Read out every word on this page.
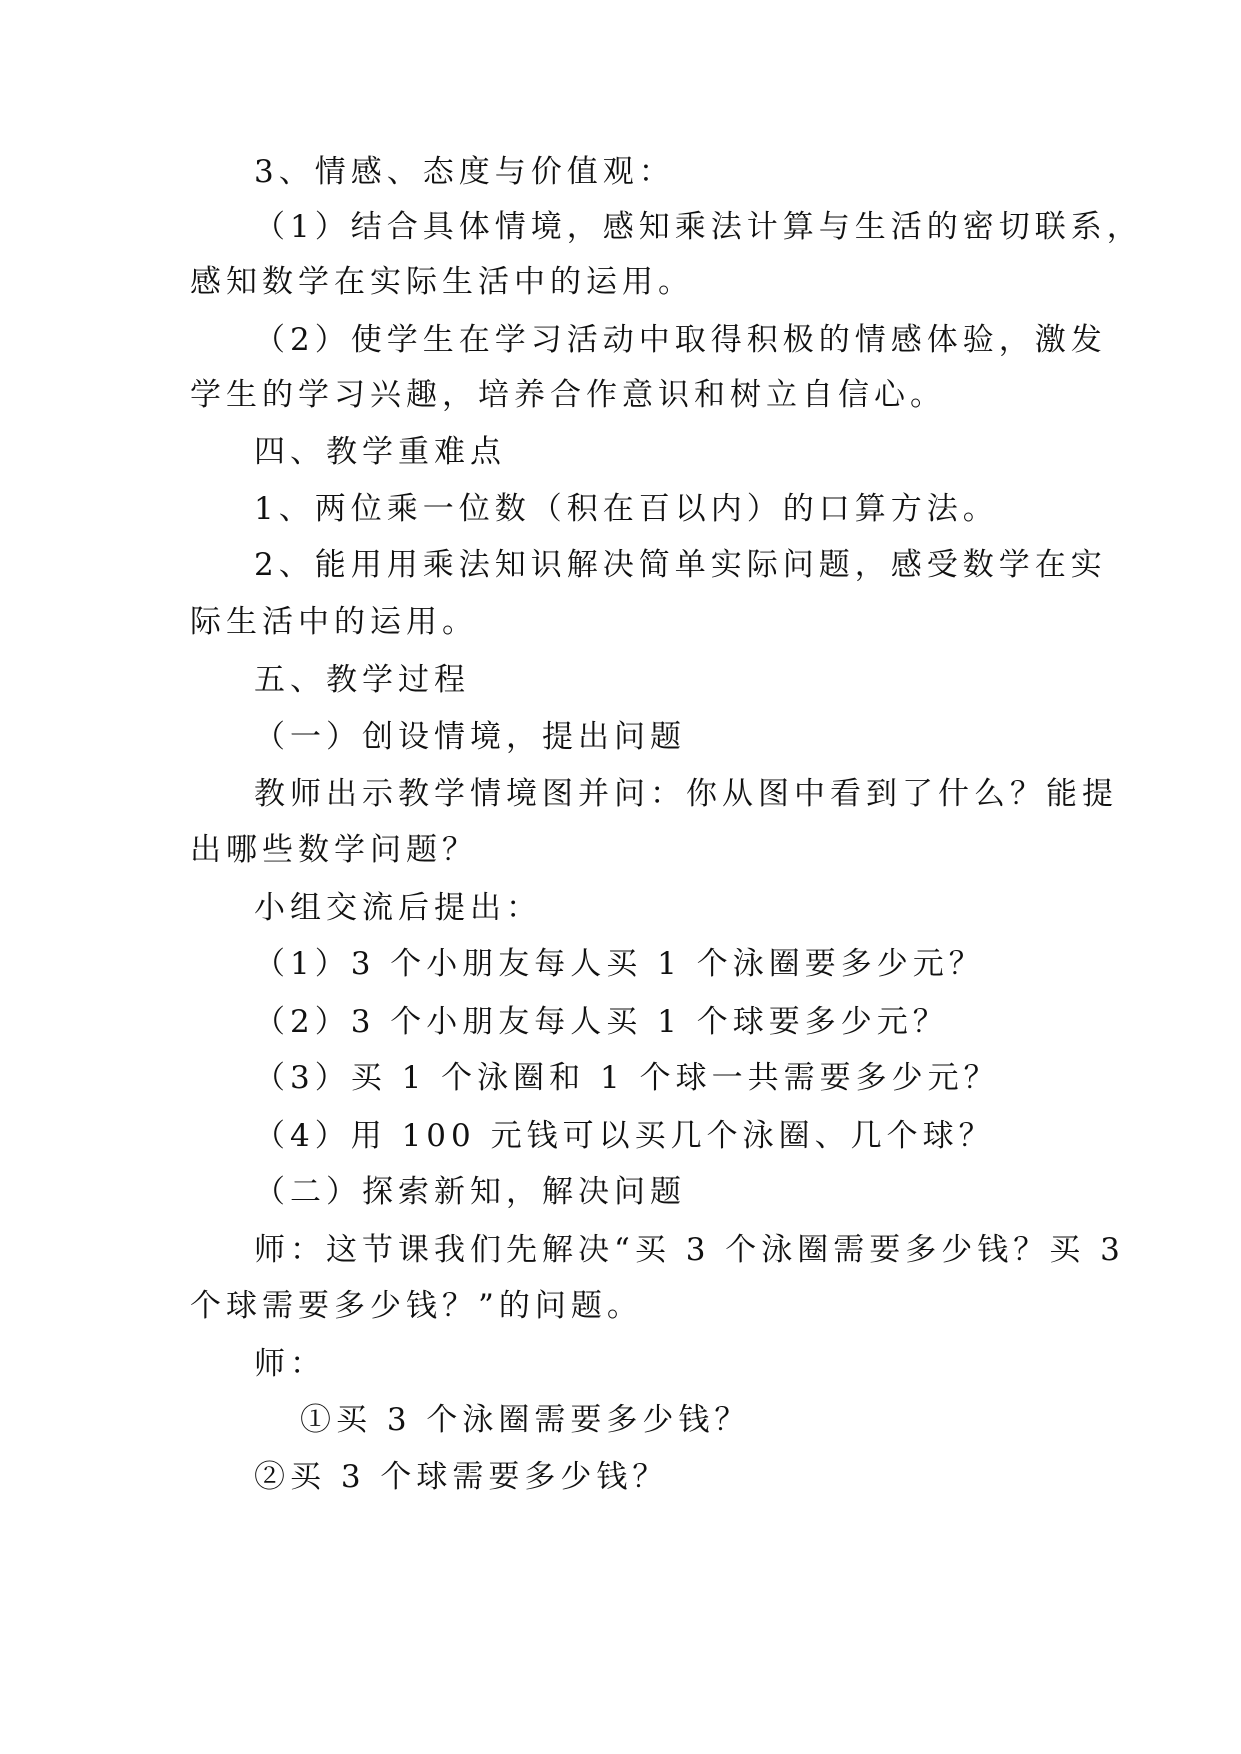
3、情感、态度与价值观：
（1）结合具体情境，感知乘法计算与生活的密切联系，
感知数学在实际生活中的运用。
（2）使学生在学习活动中取得积极的情感体验，激发
学生的学习兴趣，培养合作意识和树立自信心。
四、教学重难点
1、两位乘一位数（积在百以内）的口算方法。
2、能用用乘法知识解决简单实际问题，感受数学在实
际生活中的运用。
五、教学过程
（一）创设情境，提出问题
教师出示教学情境图并问：你从图中看到了什么？能提
出哪些数学问题？
小组交流后提出：
（1）3 个小朋友每人买 1 个泳圈要多少元？
（2）3 个小朋友每人买 1 个球要多少元？
（3）买 1 个泳圈和 1 个球一共需要多少元？
（4）用 100 元钱可以买几个泳圈、几个球？
（二）探索新知，解决问题
师：这节课我们先解决“买 3 个泳圈需要多少钱？买 3
个球需要多少钱？”的问题。
师：
①买 3 个泳圈需要多少钱？
②买 3 个球需要多少钱？
